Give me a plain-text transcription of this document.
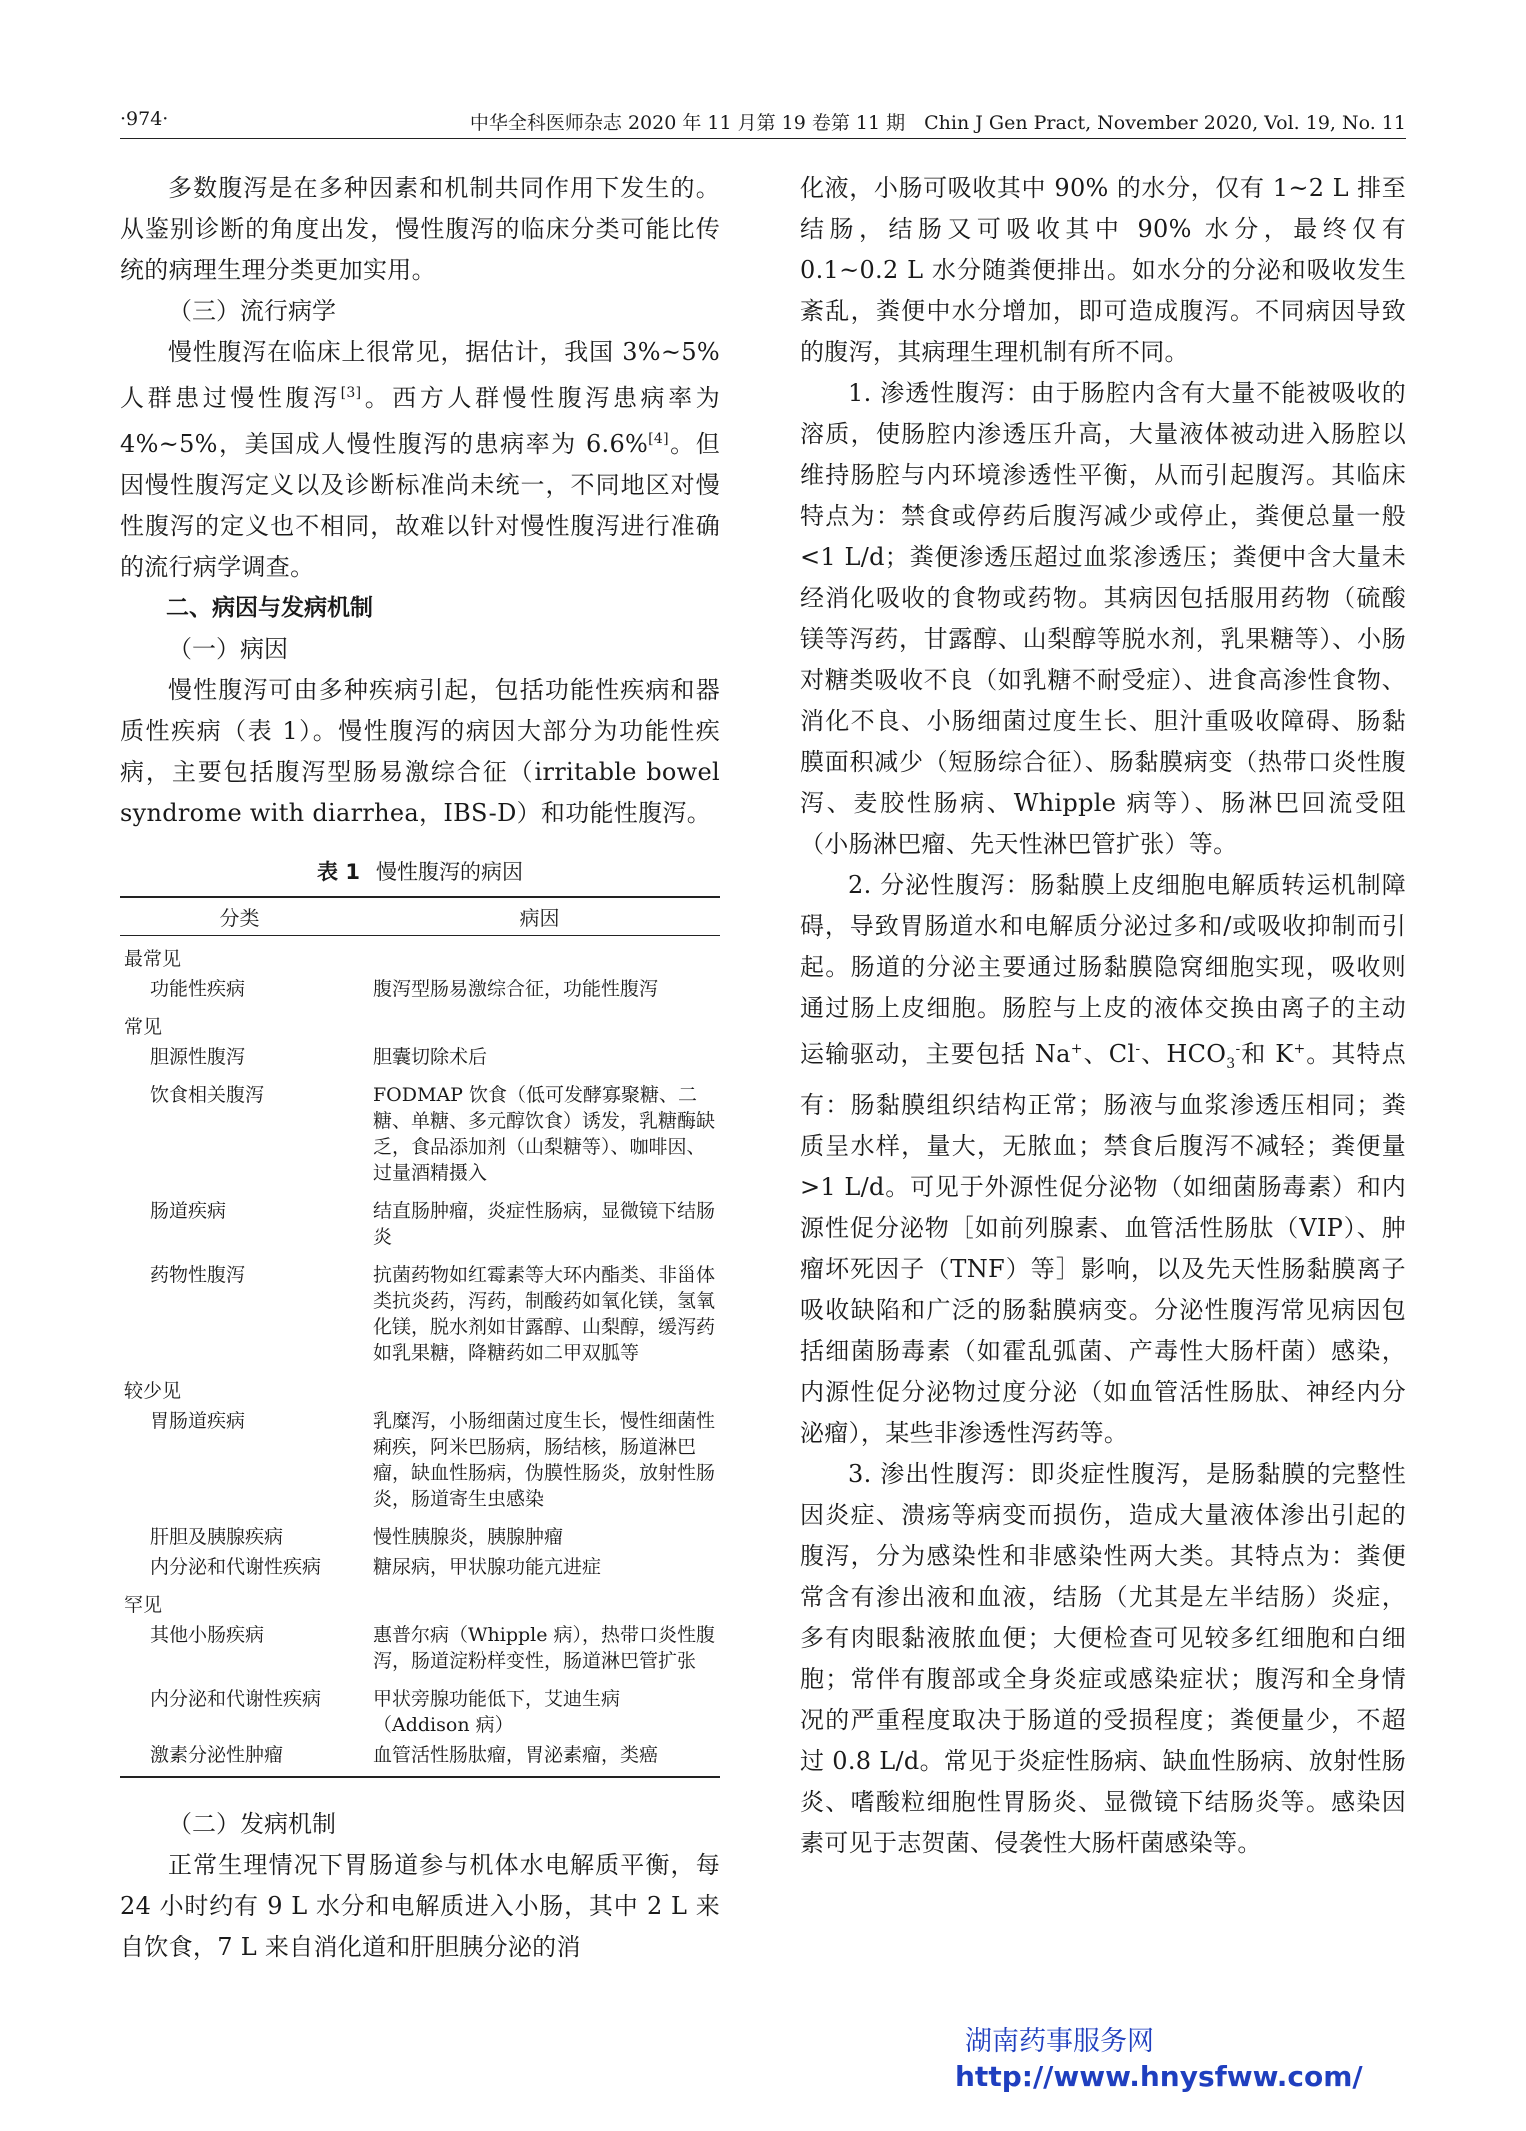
·974·	中华全科医师杂志 2020 年 11 月第 19 卷第 11 期　Chin J Gen Pract, November 2020, Vol. 19, No. 11

多数腹泻是在多种因素和机制共同作用下发生的。从鉴别诊断的角度出发，慢性腹泻的临床分类可能比传统的病理生理分类更加实用。

（三）流行病学

慢性腹泻在临床上很常见，据估计，我国 3%~5% 人群患过慢性腹泻[3]。西方人群慢性腹泻患病率为 4%~5%，美国成人慢性腹泻的患病率为 6.6%[4]。但因慢性腹泻定义以及诊断标准尚未统一，不同地区对慢性腹泻的定义也不相同，故难以针对慢性腹泻进行准确的流行病学调查。

二、病因与发病机制

（一）病因

慢性腹泻可由多种疾病引起，包括功能性疾病和器质性疾病（表 1）。慢性腹泻的病因大部分为功能性疾病，主要包括腹泻型肠易激综合征（irritable bowel syndrome with diarrhea，IBS-D）和功能性腹泻。

表 1 慢性腹泻的病因
分类	病因

最常见	
功能性疾病	腹泻型肠易激综合征，功能性腹泻

常见	
胆源性腹泻	胆囊切除术后

饮食相关腹泻	FODMAP 饮食（低可发酵寡聚糖、二糖、单糖、多元醇饮食）诱发，乳糖酶缺乏，食品添加剂（山梨糖等）、咖啡因、过量酒精摄入

肠道疾病	结直肠肿瘤，炎症性肠病，显微镜下结肠炎

药物性腹泻	抗菌药物如红霉素等大环内酯类、非甾体类抗炎药，泻药，制酸药如氧化镁，氢氧化镁，脱水剂如甘露醇、山梨醇，缓泻药如乳果糖，降糖药如二甲双胍等

较少见	
胃肠道疾病	乳糜泻，小肠细菌过度生长，慢性细菌性痢疾，阿米巴肠病，肠结核，肠道淋巴瘤，缺血性肠病，伪膜性肠炎，放射性肠炎，肠道寄生虫感染

肝胆及胰腺疾病	慢性胰腺炎，胰腺肿瘤
内分泌和代谢性疾病	糖尿病，甲状腺功能亢进症

罕见	
其他小肠疾病	惠普尔病（Whipple 病），热带口炎性腹泻，肠道淀粉样变性，肠道淋巴管扩张

内分泌和代谢性疾病	甲状旁腺功能低下，艾迪生病（Addison 病）
激素分泌性肿瘤	血管活性肠肽瘤，胃泌素瘤，类癌

（二）发病机制

正常生理情况下胃肠道参与机体水电解质平衡，每 24 小时约有 9 L 水分和电解质进入小肠，其中 2 L 来自饮食，7 L 来自消化道和肝胆胰分泌的消

化液，小肠可吸收其中 90% 的水分，仅有 1~2 L 排至结肠，结肠又可吸收其中 90% 水分，最终仅有 0.1~0.2 L 水分随粪便排出。如水分的分泌和吸收发生紊乱，粪便中水分增加，即可造成腹泻。不同病因导致的腹泻，其病理生理机制有所不同。

1. 渗透性腹泻：由于肠腔内含有大量不能被吸收的溶质，使肠腔内渗透压升高，大量液体被动进入肠腔以维持肠腔与内环境渗透性平衡，从而引起腹泻。其临床特点为：禁食或停药后腹泻减少或停止，粪便总量一般<1 L/d；粪便渗透压超过血浆渗透压；粪便中含大量未经消化吸收的食物或药物。其病因包括服用药物（硫酸镁等泻药，甘露醇、山梨醇等脱水剂，乳果糖等）、小肠对糖类吸收不良（如乳糖不耐受症）、进食高渗性食物、消化不良、小肠细菌过度生长、胆汁重吸收障碍、肠黏膜面积减少（短肠综合征）、肠黏膜病变（热带口炎性腹泻、麦胶性肠病、Whipple 病等）、肠淋巴回流受阻（小肠淋巴瘤、先天性淋巴管扩张）等。

2. 分泌性腹泻：肠黏膜上皮细胞电解质转运机制障碍，导致胃肠道水和电解质分泌过多和/或吸收抑制而引起。肠道的分泌主要通过肠黏膜隐窝细胞实现，吸收则通过肠上皮细胞。肠腔与上皮的液体交换由离子的主动运输驱动，主要包括 Na+、Cl-、$HCO_3^-$和 K+。其特点有：肠黏膜组织结构正常；肠液与血浆渗透压相同；粪质呈水样，量大，无脓血；禁食后腹泻不减轻；粪便量>1 L/d。可见于外源性促分泌物（如细菌肠毒素）和内源性促分泌物［如前列腺素、血管活性肠肽（VIP）、肿瘤坏死因子（TNF）等］影响，以及先天性肠黏膜离子吸收缺陷和广泛的肠黏膜病变。分泌性腹泻常见病因包括细菌肠毒素（如霍乱弧菌、产毒性大肠杆菌）感染，内源性促分泌物过度分泌（如血管活性肠肽、神经内分泌瘤），某些非渗透性泻药等。

3. 渗出性腹泻：即炎症性腹泻，是肠黏膜的完整性因炎症、溃疡等病变而损伤，造成大量液体渗出引起的腹泻，分为感染性和非感染性两大类。其特点为：粪便常含有渗出液和血液，结肠（尤其是左半结肠）炎症，多有肉眼黏液脓血便；大便检查可见较多红细胞和白细胞；常伴有腹部或全身炎症或感染症状；腹泻和全身情况的严重程度取决于肠道的受损程度；粪便量少，不超过 0.8 L/d。常见于炎症性肠病、缺血性肠病、放射性肠炎、嗜酸粒细胞性胃肠炎、显微镜下结肠炎等。感染因素可见于志贺菌、侵袭性大肠杆菌感染等。

湖南药事服务网
http://www.hnysfww.com/
